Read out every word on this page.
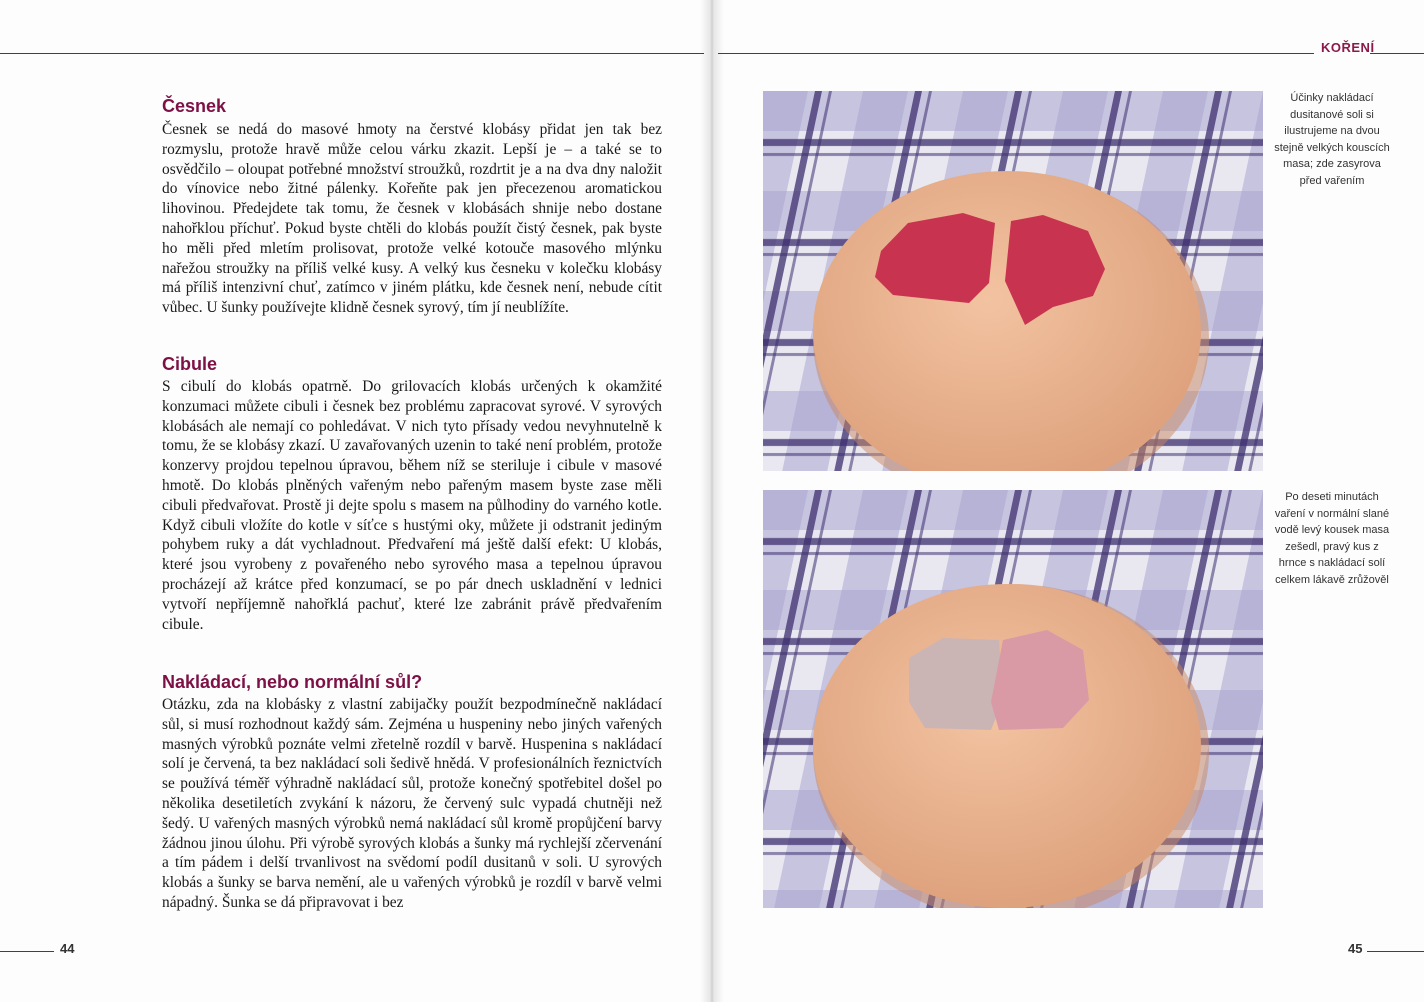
KOŘENÍ
44	45
Česnek

Česnek se nedá do masové hmoty na čerstvé klobásy přidat jen tak bez rozmyslu, protože hravě může celou várku zkazit. Lepší je – a také se to osvědčilo – oloupat potřebné množství stroužků, rozdrtit je a na dva dny naložit do vínovice nebo žitné pálenky. Kořeňte pak jen přecezenou aromatickou lihovinou. Předejdete tak tomu, že česnek v klobásách shnije nebo dostane nahořklou příchuť. Pokud byste chtěli do klobás použít čistý česnek, pak byste ho měli před mletím prolisovat, protože velké kotouče masového mlýnku nařežou stroužky na příliš velké kusy. A velký kus česneku v kolečku klobásy má příliš intenzivní chuť, zatímco v jiném plátku, kde česnek není, nebude cítit vůbec. U šunky používejte klidně česnek syrový, tím jí neublížíte.

Cibule

S cibulí do klobás opatrně. Do grilovacích klobás určených k okamžité konzumaci můžete cibuli i česnek bez problému zapracovat syrové. V syrových klobásách ale nemají co pohledávat. V nich tyto přísady vedou nevyhnutelně k tomu, že se klobásy zkazí. U zavařovaných uzenin to také není problém, protože konzervy projdou tepelnou úpravou, během níž se steriluje i cibule v masové hmotě. Do klobás plněných vařeným nebo pařeným masem byste zase měli cibuli předvařovat. Prostě ji dejte spolu s masem na půlhodiny do varného kotle. Když cibuli vložíte do kotle v síťce s hustými oky, můžete ji odstranit jediným pohybem ruky a dát vychladnout. Předvaření má ještě další efekt: U klobás, které jsou vyrobeny z povařeného nebo syrového masa a tepelnou úpravou procházejí až krátce před konzumací, se po pár dnech uskladnění v lednici vytvoří nepříjemně nahořklá pachuť, které lze zabránit právě předvařením cibule.

Nakládací, nebo normální sůl?

Otázku, zda na klobásky z vlastní zabijačky použít bezpodmínečně nakládací sůl, si musí rozhodnout každý sám. Zejména u huspeniny nebo jiných vařených masných výrobků poznáte velmi zřetelně rozdíl v barvě. Huspenina s nakládací solí je červená, ta bez nakládací soli šedivě hnědá. V profesionálních řeznictvích se používá téměř výhradně nakládací sůl, protože konečný spotřebitel došel po několika desetiletích zvykání k názoru, že červený sulc vypadá chutněji než šedý. U vařených masných výrobků nemá nakládací sůl kromě propůjčení barvy žádnou jinou úlohu. Při výrobě syrových klobás a šunky má rychlejší zčervenání a tím pádem i delší trvanlivost na svědomí podíl dusitanů v soli. U syrových klobás a šunky se barva nemění, ale u vařených výrobků je rozdíl v barvě velmi nápadný. Šunka se dá připravovat i bez

Účinky nakládací dusitanové soli si ilustrujeme na dvou stejně velkých kouscích masa; zde zasyrova před vařením

Po deseti minutách vaření v normální slané vodě levý kousek masa zešedl, pravý kus z hrnce s nakládací solí celkem lákavě zrůžověl
